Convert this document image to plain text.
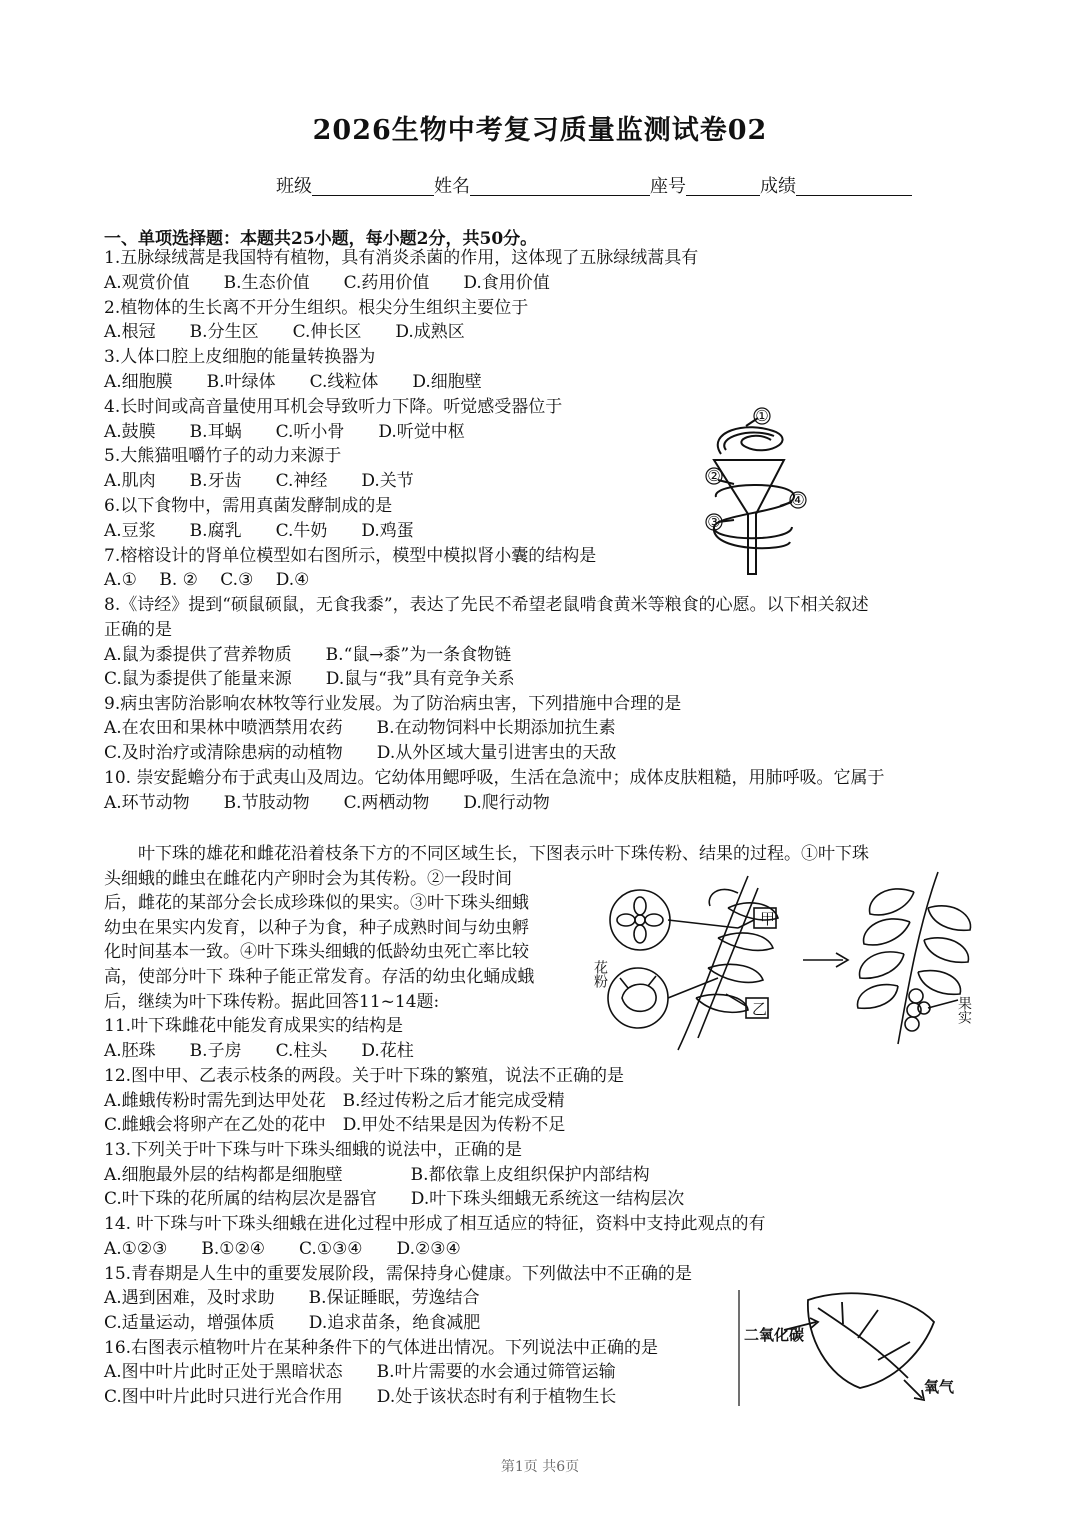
2026生物中考复习质量监测试卷02
班级	姓名	座号	成绩
一、单项选择题：本题共25小题，每小题2分，共50分。
1.五脉绿绒蒿是我国特有植物，具有消炎杀菌的作用，这体现了五脉绿绒蒿具有
A.观赏价值　　B.生态价值　　C.药用价值　　D.食用价值
2.植物体的生长离不开分生组织。根尖分生组织主要位于
A.根冠　　B.分生区　　C.伸长区　　D.成熟区
3.人体口腔上皮细胞的能量转换器为
A.细胞膜　　B.叶绿体　　C.线粒体　　D.细胞壁
4.长时间或高音量使用耳机会导致听力下降。听觉感受器位于
A.鼓膜　　B.耳蜗　　C.听小骨　　D.听觉中枢
5.大熊猫咀嚼竹子的动力来源于
A.肌肉　　B.牙齿　　C.神经　　D.关节
6.以下食物中，需用真菌发酵制成的是
A.豆浆　　B.腐乳　　C.牛奶　　D.鸡蛋
7.榕榕设计的肾单位模型如右图所示，模型中模拟肾小囊的结构是
A.①　 B. ②　 C.③　 D.④
8.《诗经》提到“硕鼠硕鼠，无食我黍”，表达了先民不希望老鼠啃食黄米等粮食的心愿。以下相关叙述
正确的是
A.鼠为黍提供了营养物质　　B.“鼠→黍”为一条食物链
C.鼠为黍提供了能量来源　　D.鼠与“我”具有竞争关系
9.病虫害防治影响农林牧等行业发展。为了防治病虫害，下列措施中合理的是
A.在农田和果林中喷洒禁用农药　　B.在动物饲料中长期添加抗生素
C.及时治疗或清除患病的动植物　　D.从外区域大量引进害虫的天敌
10. 崇安髭蟾分布于武夷山及周边。它幼体用鳃呼吸，生活在急流中；成体皮肤粗糙，用肺呼吸。它属于
A.环节动物　　B.节肢动物　　C.两栖动物　　D.爬行动物
　　叶下珠的雄花和雌花沿着枝条下方的不同区域生长，下图表示叶下珠传粉、结果的过程。①叶下珠
头细蛾的雌虫在雌花内产卵时会为其传粉。②一段时间
后，雌花的某部分会长成珍珠似的果实。③叶下珠头细蛾
幼虫在果实内发育，以种子为食，种子成熟时间与幼虫孵
化时间基本一致。④叶下珠头细蛾的低龄幼虫死亡率比较
高，使部分叶下 珠种子能正常发育。存活的幼虫化蛹成蛾
后，继续为叶下珠传粉。据此回答11~14题:
11.叶下珠雌花中能发育成果实的结构是
A.胚珠　　B.子房　　C.柱头　　D.花柱
12.图中甲、乙表示枝条的两段。关于叶下珠的繁殖，说法不正确的是
A.雌蛾传粉时需先到达甲处花　B.经过传粉之后才能完成受精
C.雌蛾会将卵产在乙处的花中　D.甲处不结果是因为传粉不足
13.下列关于叶下珠与叶下珠头细蛾的说法中，正确的是
A.细胞最外层的结构都是细胞壁　　　　B.都依靠上皮组织保护内部结构
C.叶下珠的花所属的结构层次是器官　　D.叶下珠头细蛾无系统这一结构层次
14. 叶下珠与叶下珠头细蛾在进化过程中形成了相互适应的特征，资料中支持此观点的有
A.①②③　　B.①②④　　C.①③④　　D.②③④
15.青春期是人生中的重要发展阶段，需保持身心健康。下列做法中不正确的是
A.遇到困难，及时求助　　B.保证睡眠，劳逸结合
C.适量运动，增强体质　　D.追求苗条，绝食减肥
16.右图表示植物叶片在某种条件下的气体进出情况。下列说法中正确的是
A.图中叶片此时正处于黑暗状态　　B.叶片需要的水会通过筛管运输
C.图中叶片此时只进行光合作用　　D.处于该状态时有利于植物生长
①
②
③
④
甲
乙
花粉
果实
二氧化碳
氧气
第1页 共6页
